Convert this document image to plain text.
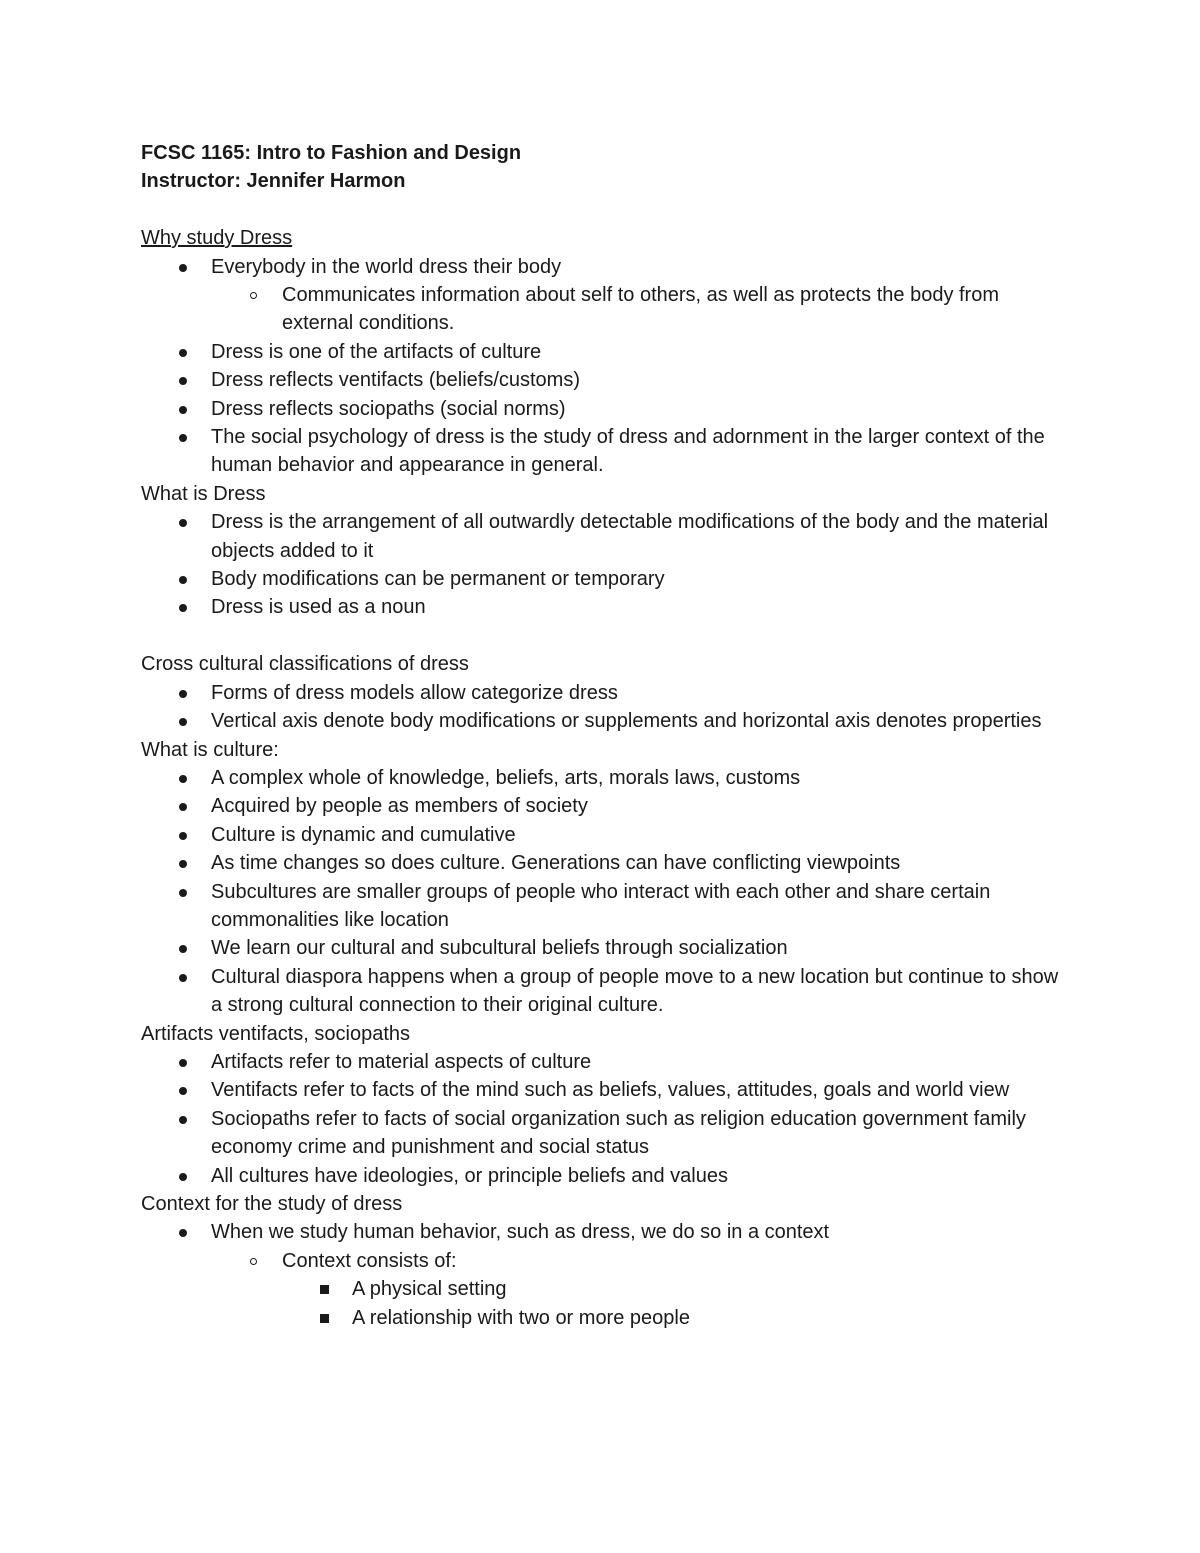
FCSC 1165: Intro to Fashion and Design

Instructor: Jennifer Harmon

Why study Dress

Everybody in the world dress their body
Communicates information about self to others, as well as protects the body from external conditions.
Dress is one of the artifacts of culture
Dress reflects ventifacts (beliefs/customs)
Dress reflects sociopaths (social norms)
The social psychology of dress is the study of dress and adornment in the larger context of the human behavior and appearance in general.

What is Dress

Dress is the arrangement of all outwardly detectable modifications of the body and the material objects added to it
Body modifications can be permanent or temporary
Dress is used as a noun

Cross cultural classifications of dress

Forms of dress models allow categorize dress
Vertical axis denote body modifications or supplements and horizontal axis denotes properties

What is culture:

A complex whole of knowledge, beliefs, arts, morals laws, customs
Acquired by people as members of society
Culture is dynamic and cumulative
As time changes so does culture. Generations can have conflicting viewpoints
Subcultures are smaller groups of people who interact with each other and share certain commonalities like location
We learn our cultural and subcultural beliefs through socialization
Cultural diaspora happens when a group of people move to a new location but continue to show a strong cultural connection to their original culture.

Artifacts ventifacts, sociopaths

Artifacts refer to material aspects of culture
Ventifacts refer to facts of the mind such as beliefs, values, attitudes, goals and world view
Sociopaths refer to facts of social organization such as religion education government family economy crime and punishment and social status
All cultures have ideologies, or principle beliefs and values

Context for the study of dress

When we study human behavior, such as dress, we do so in a context
Context consists of:
A physical setting
A relationship with two or more people
